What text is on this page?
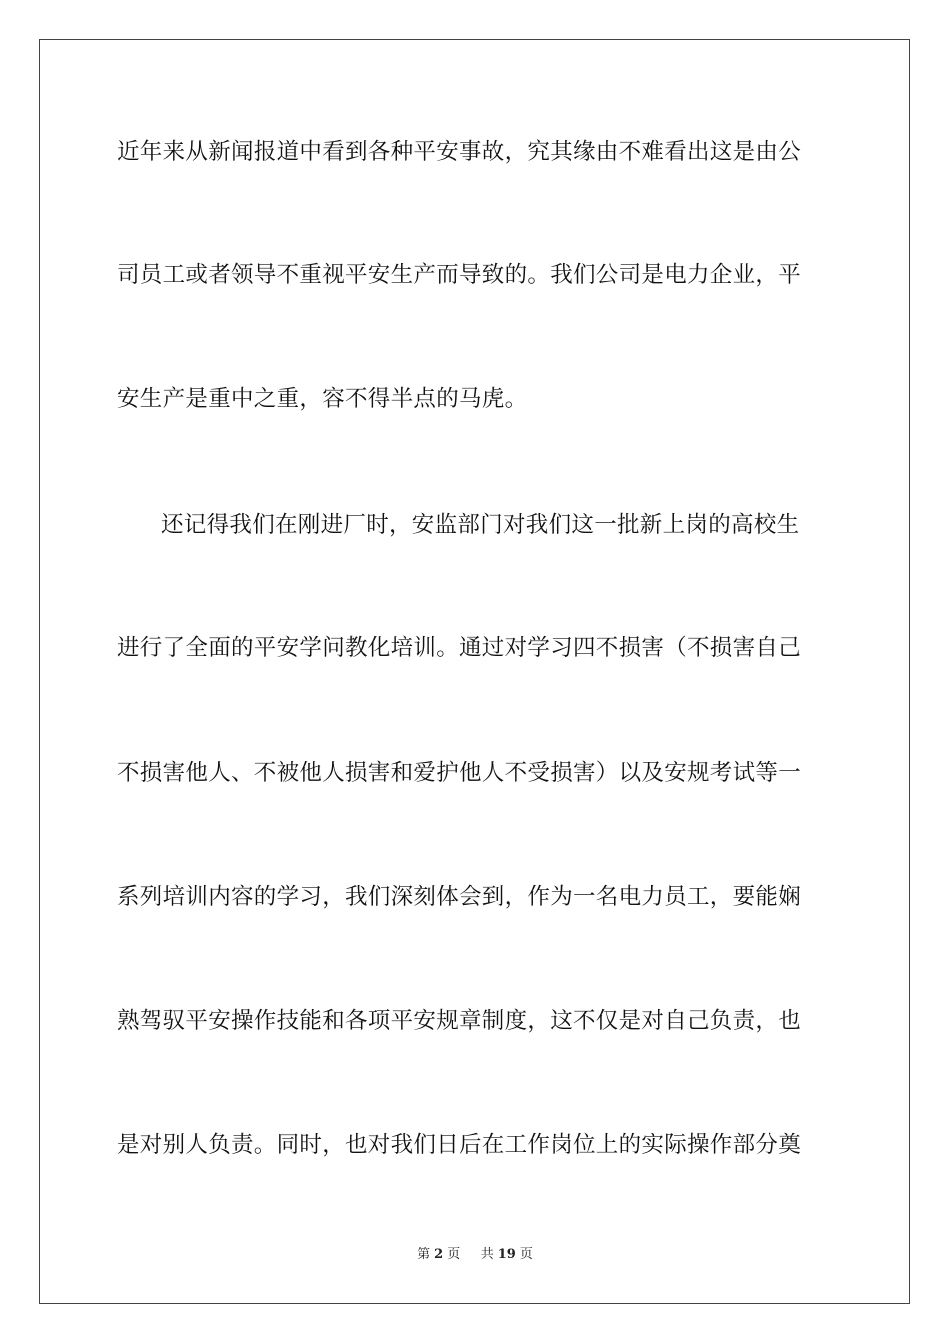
近年来从新闻报道中看到各种平安事故，究其缘由不难看出这是由公
司员工或者领导不重视平安生产而导致的。我们公司是电力企业，平
安生产是重中之重，容不得半点的马虎。
还记得我们在刚进厂时，安监部门对我们这一批新上岗的高校生
进行了全面的平安学问教化培训。通过对学习四不损害（不损害自己
不损害他人、不被他人损害和爱护他人不受损害）以及安规考试等一
系列培训内容的学习，我们深刻体会到，作为一名电力员工，要能娴
熟驾驭平安操作技能和各项平安规章制度，这不仅是对自己负责，也
是对别人负责。同时，也对我们日后在工作岗位上的实际操作部分奠
第 2 页 共 19 页
